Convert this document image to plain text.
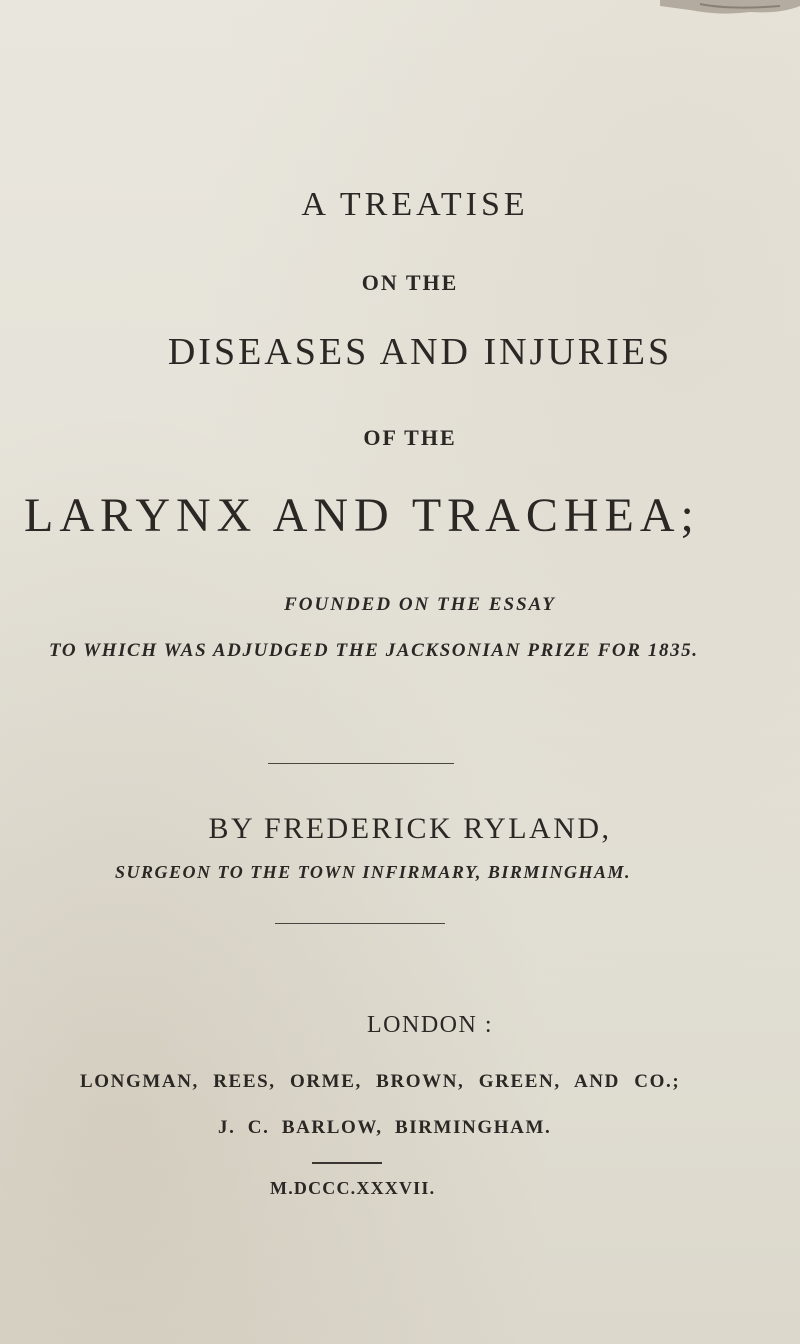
A TREATISE

ON THE

DISEASES AND INJURIES

OF THE

LARYNX AND TRACHEA;

FOUNDED ON THE ESSAY

TO WHICH WAS ADJUDGED THE JACKSONIAN PRIZE FOR 1835.

BY FREDERICK RYLAND,

SURGEON TO THE TOWN INFIRMARY, BIRMINGHAM.

LONDON :

LONGMAN, REES, ORME, BROWN, GREEN, AND CO.;

J. C. BARLOW, BIRMINGHAM.

M.DCCC.XXXVII.
